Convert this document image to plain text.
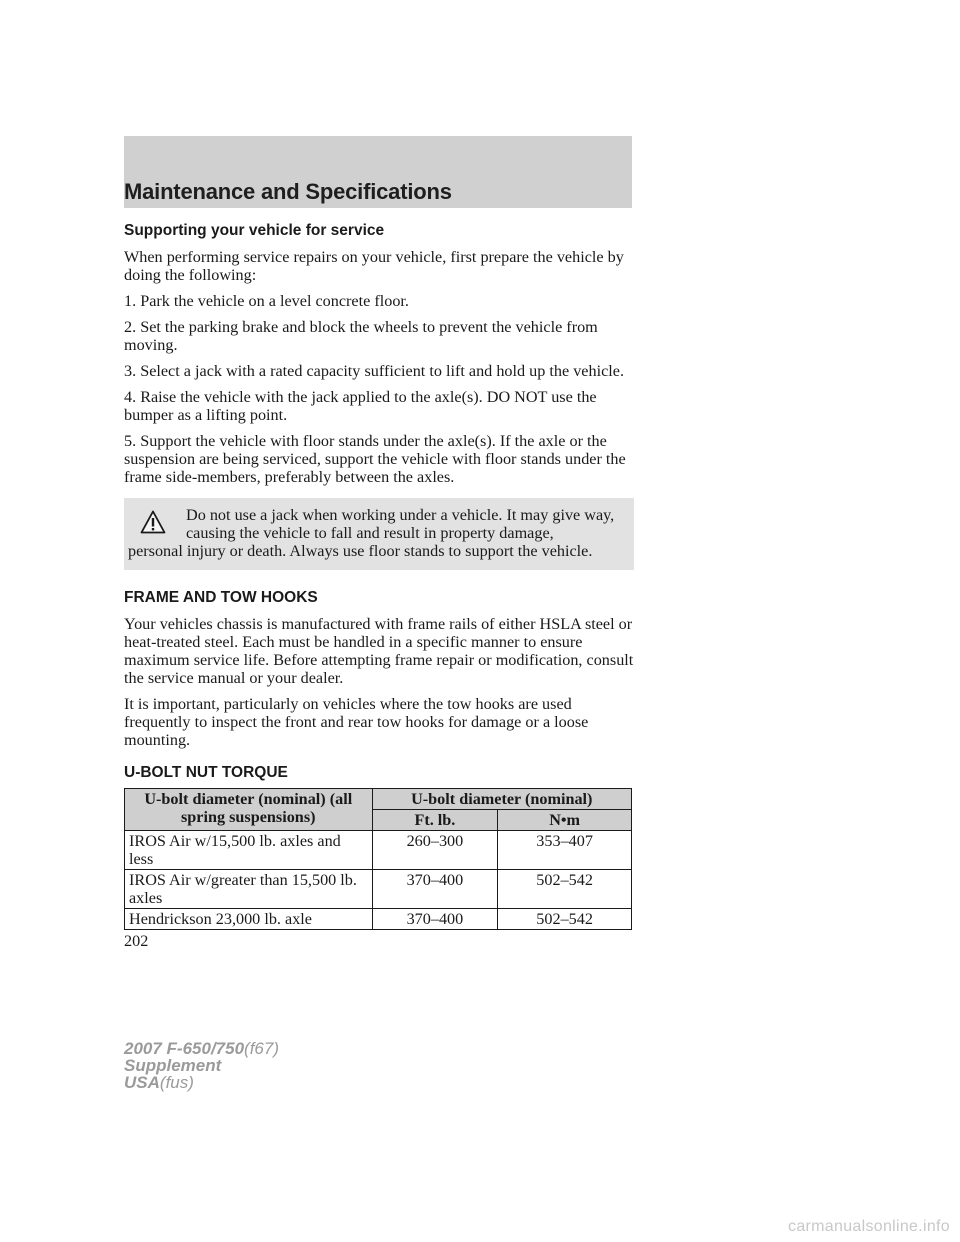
Maintenance and Specifications
Supporting your vehicle for service

When performing service repairs on your vehicle, first prepare the vehicle by doing the following:

1. Park the vehicle on a level concrete floor.

2. Set the parking brake and block the wheels to prevent the vehicle from moving.

3. Select a jack with a rated capacity sufficient to lift and hold up the vehicle.

4. Raise the vehicle with the jack applied to the axle(s). DO NOT use the bumper as a lifting point.

5. Support the vehicle with floor stands under the axle(s). If the axle or the suspension are being serviced, support the vehicle with floor stands under the frame side-members, preferably between the axles.

Do not use a jack when working under a vehicle. It may give way, causing the vehicle to fall and result in property damage,
personal injury or death. Always use floor stands to support the vehicle.
FRAME AND TOW HOOKS

Your vehicles chassis is manufactured with frame rails of either HSLA steel or heat-treated steel. Each must be handled in a specific manner to ensure maximum service life. Before attempting frame repair or modification, consult the service manual or your dealer.

It is important, particularly on vehicles where the tow hooks are used frequently to inspect the front and rear tow hooks for damage or a loose mounting.

U-BOLT NUT TORQUE
U-bolt diameter (nominal) (all spring suspensions)	U-bolt diameter (nominal)	
	Ft. lb.	N•m
IROS Air w/15,500 lb. axles and less	260–300	353–407
IROS Air w/greater than 15,500 lb. axles	370–400	502–542
Hendrickson 23,000 lb. axle	370–400	502–542
202
2007 F-650/750(f67)
Supplement
USA(fus)
carmanualsonline.info
